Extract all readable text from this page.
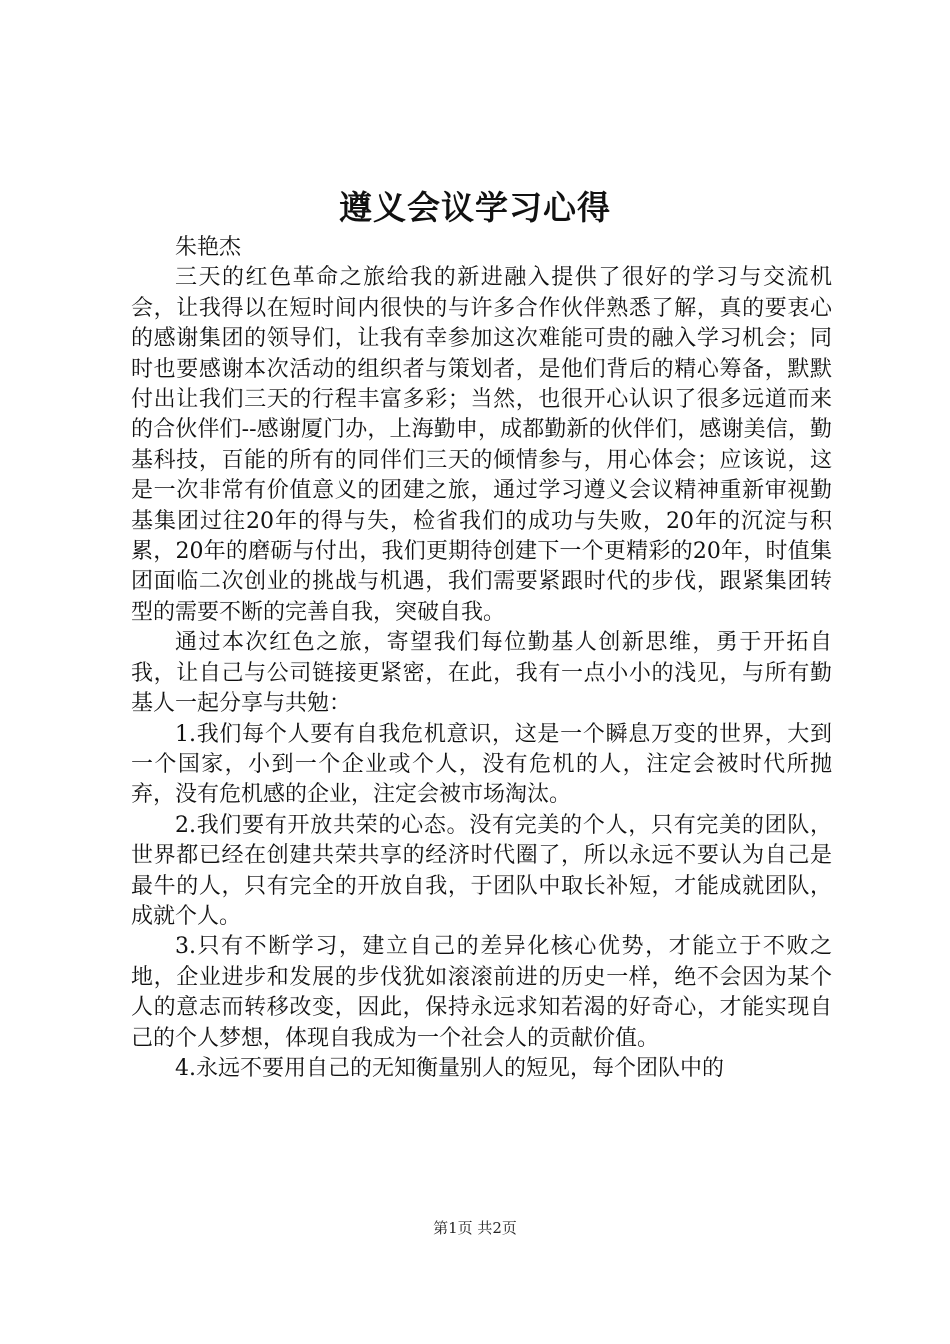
遵义会议学习心得

朱艳杰

三天的红色革命之旅给我的新进融入提供了很好的学习与交流机会，让我得以在短时间内很快的与许多合作伙伴熟悉了解，真的要衷心的感谢集团的领导们，让我有幸参加这次难能可贵的融入学习机会；同时也要感谢本次活动的组织者与策划者，是他们背后的精心筹备，默默付出让我们三天的行程丰富多彩；当然，也很开心认识了很多远道而来的合伙伴们--感谢厦门办，上海勤申，成都勤新的伙伴们，感谢美信，勤基科技，百能的所有的同伴们三天的倾情参与，用心体会；应该说，这是一次非常有价值意义的团建之旅，通过学习遵义会议精神重新审视勤基集团过往20年的得与失，检省我们的成功与失败，20年的沉淀与积累，20年的磨砺与付出，我们更期待创建下一个更精彩的20年，时值集团面临二次创业的挑战与机遇，我们需要紧跟时代的步伐，跟紧集团转型的需要不断的完善自我，突破自我。

通过本次红色之旅，寄望我们每位勤基人创新思维，勇于开拓自我，让自己与公司链接更紧密，在此，我有一点小小的浅见，与所有勤基人一起分享与共勉：

1.我们每个人要有自我危机意识，这是一个瞬息万变的世界，大到一个国家，小到一个企业或个人，没有危机的人，注定会被时代所抛弃，没有危机感的企业，注定会被市场淘汰。

2.我们要有开放共荣的心态。没有完美的个人，只有完美的团队，世界都已经在创建共荣共享的经济时代圈了，所以永远不要认为自己是最牛的人，只有完全的开放自我，于团队中取长补短，才能成就团队，成就个人。

3.只有不断学习，建立自己的差异化核心优势，才能立于不败之地，企业进步和发展的步伐犹如滚滚前进的历史一样，绝不会因为某个人的意志而转移改变，因此，保持永远求知若渴的好奇心，才能实现自己的个人梦想，体现自我成为一个社会人的贡献价值。

4.永远不要用自己的无知衡量别人的短见，每个团队中的

第1页 共2页
